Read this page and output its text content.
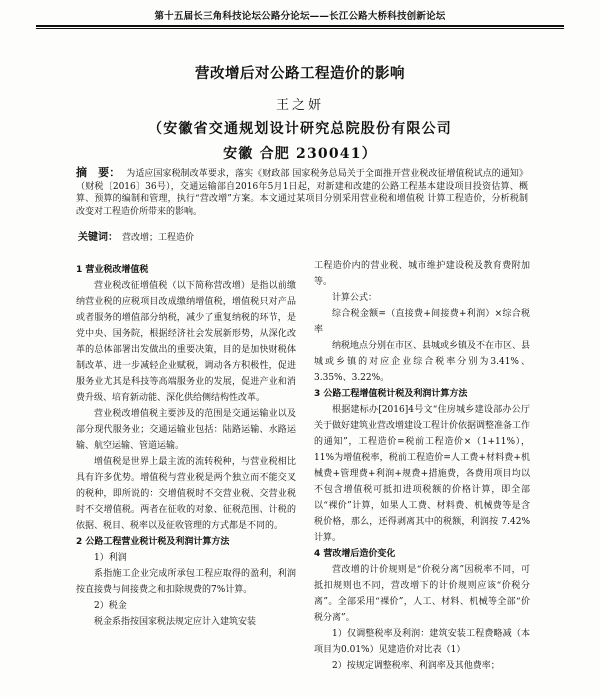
第十五届长三角科技论坛公路分论坛——长江公路大桥科技创新论坛
营改增后对公路工程造价的影响
王之妍
（安徽省交通规划设计研究总院股份有限公司
安徽 合肥 230041）
摘　要： 为适应国家税制改革要求，落实《财政部 国家税务总局关于全面推开营业税改征增值税试点的通知》（财税〔2016〕36号），交通运输部自2016年5月1日起，对新建和改建的公路工程基本建设项目投资估算、概算、预算的编制和管理，执行“营改增”方案。本文通过某项目分别采用营业税和增值税 计算工程造价，分析税制改变对工程造价所带来的影响。
关键词： 营改增；工程造价

1 营业税改增值税

营业税改征增值税（以下简称营改增）是指以前缴纳营业税的应税项目改成缴纳增值税，增值税只对产品或者服务的增值部分纳税，减少了重复纳税的环节，是党中央、国务院，根据经济社会发展新形势，从深化改革的总体部署出发做出的重要决策，目的是加快财税体制改革、进一步减轻企业赋税，调动各方积极性，促进服务业尤其是科技等高端服务业的发展，促进产业和消费升级、培育新动能、深化供给侧结构性改革。

营业税改增值税主要涉及的范围是交通运输业以及部分现代服务业；交通运输业包括：陆路运输、水路运输、航空运输、管道运输。

增值税是世界上最主流的流转税种，与营业税相比具有许多优势。增值税与营业税是两个独立而不能交叉的税种，即所说的：交增值税时不交营业税、交营业税时不交增值税。两者在征收的对象、征税范围、计税的依据、税目、税率以及征收管理的方式都是不同的。

2 公路工程营业税计税及利润计算方法

1）利润

系指施工企业完成所承包工程应取得的盈利，利润按直接费与间接费之和扣除规费的7%计算。

2）税金

税金系指按国家税法规定应计入建筑安装

工程造价内的营业税、城市维护建设税及教育费附加等。

计算公式：

综合税金额=（直接费+间接费+利润）×综合税率

纳税地点分别在市区、县城或乡镇及不在市区、县城或乡镇的对应企业综合税率分别为3.41%、3.35%、3.22%。

3 公路工程增值税计税及利润计算方法

根据建标办[2016]4号文“住房城乡建设部办公厅关于做好建筑业营改增建设工程计价依据调整准备工作的通知”，工程造价=税前工程造价×（1+11%），11%为增值税率，税前工程造价=人工费+材料费+机械费+管理费+利润+规费+措施费，各费用项目均以不包含增值税可抵扣进项税额的价格计算，即全部以“裸价”计算，如果人工费、材料费、机械费等是含税价格，那么，还得剥离其中的税额，利润按 7.42%计算。

4 营改增后造价变化

营改增的计价规则是“价税分离”因税率不同，可抵扣规则也不同，营改增下的计价规则应该“价税分离”。全部采用“裸价”，人工、材料、机械等全部“价税分离”。

1）仅调整税率及利润：建筑安装工程费略减（本项目为0.01%）见建造价对比表（1）

2）按规定调整税率、利润率及其他费率；
